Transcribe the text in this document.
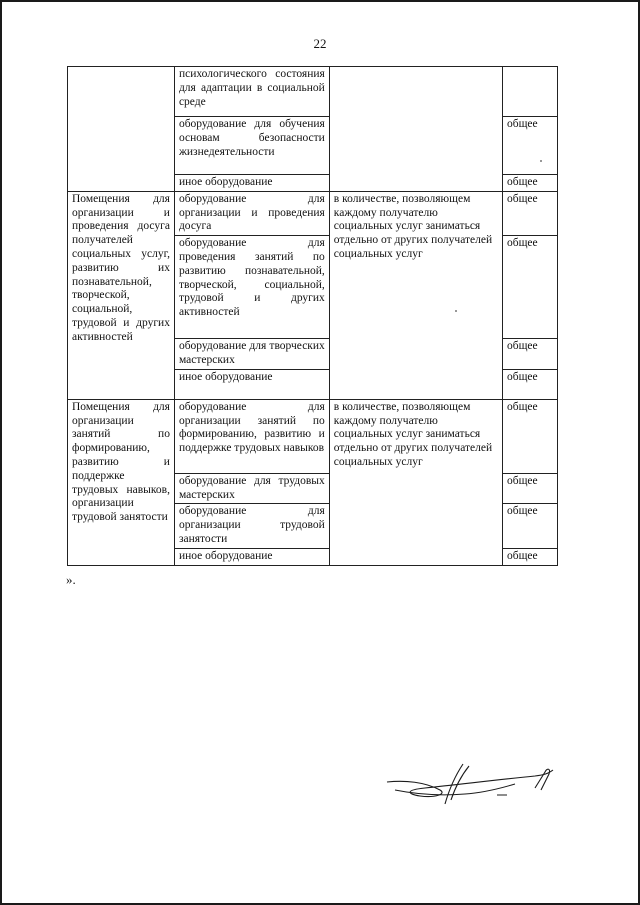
22
	психологического состояния для адаптации в социальной среде		
	оборудование для обучения основам безопасности жизнедеятельности		общее
	иное оборудование		общее
Помещения для организации и проведения досуга получателей социальных услуг, развитию их познавательной, творческой, социальной, трудовой и других активностей	оборудование для организации и проведения досуга	в количестве, позволяющем каждому получателю социальных услуг заниматься отдельно от других получателей социальных услуг	общее
	оборудование для проведения занятий по развитию познавательной, творческой, социальной, трудовой и других активностей		общее
	оборудование для творческих мастерских		общее
	иное оборудование		общее
Помещения для организации занятий по формированию, развитию и поддержке трудовых навыков, организации трудовой занятости	оборудование для организации занятий по формированию, развитию и поддержке трудовых навыков	в количестве, позволяющем каждому получателю социальных услуг заниматься отдельно от других получателей социальных услуг	общее
	оборудование для трудовых мастерских		общее
	оборудование для организации трудовой занятости		общее
	иное оборудование		общее
».
